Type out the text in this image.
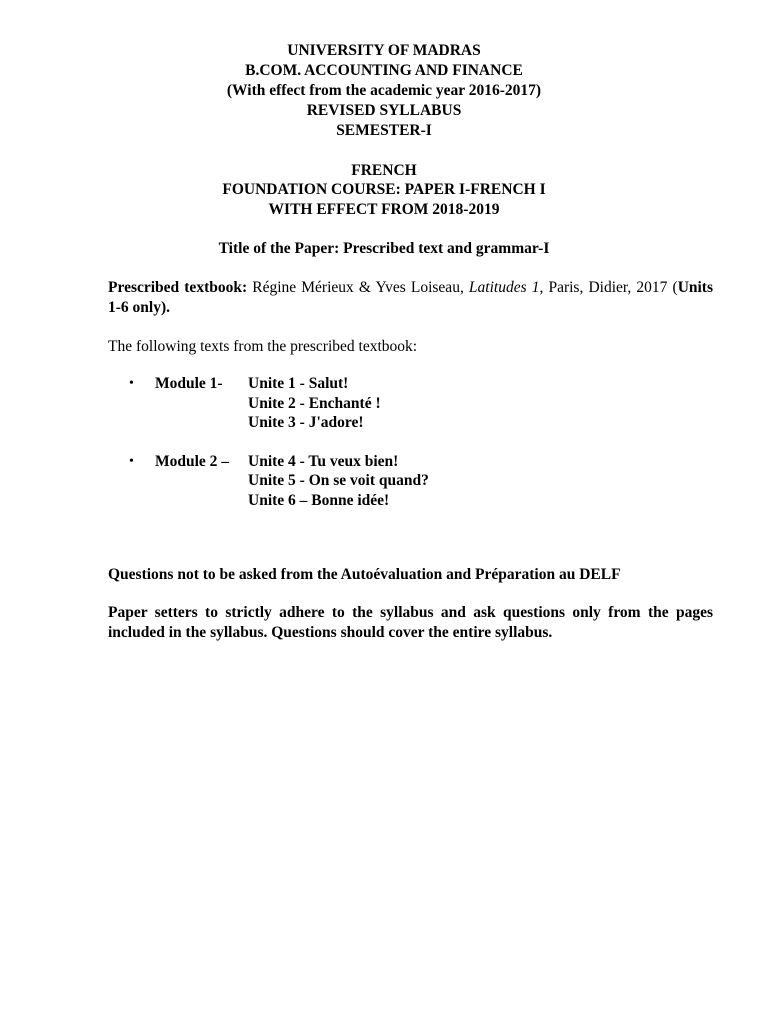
UNIVERSITY OF MADRAS
B.COM. ACCOUNTING AND FINANCE
(With effect from the academic year 2016-2017)
REVISED SYLLABUS
SEMESTER-I
FRENCH
FOUNDATION COURSE: PAPER I-FRENCH I
WITH EFFECT FROM 2018-2019
Title of the Paper: Prescribed text and grammar-I
Prescribed textbook: Régine Mérieux & Yves Loiseau, Latitudes 1, Paris, Didier, 2017 (Units 1-6 only).
The following texts from the prescribed textbook:
• Module 1- Unite 1 - Salut!
Unite 2 - Enchanté !
Unite 3 - J'adore!
• Module 2 – Unite 4 - Tu veux bien!
Unite 5 - On se voit quand?
Unite 6 – Bonne idée!
Questions not to be asked from the Autoévaluation and Préparation au DELF
Paper setters to strictly adhere to the syllabus and ask questions only from the pages included in the syllabus. Questions should cover the entire syllabus.
